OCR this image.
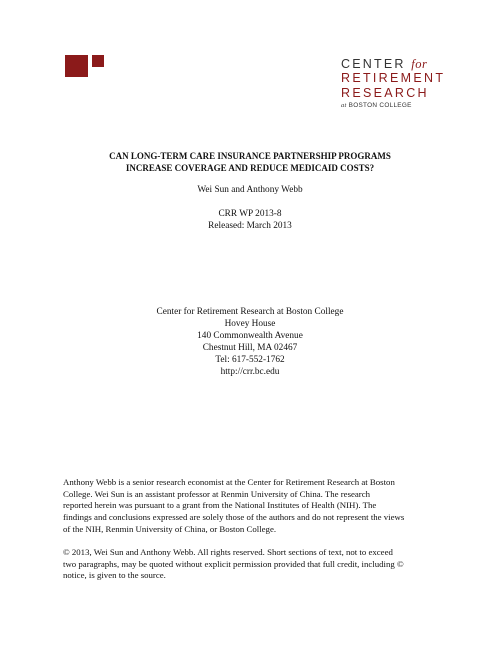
CENTER for
RETIREMENT
RESEARCH
at BOSTON COLLEGE
CAN LONG-TERM CARE INSURANCE PARTNERSHIP PROGRAMS
INCREASE COVERAGE AND REDUCE MEDICAID COSTS?
Wei Sun and Anthony Webb
CRR WP 2013-8
Released: March 2013
Center for Retirement Research at Boston College
Hovey House
140 Commonwealth Avenue
Chestnut Hill, MA 02467
Tel: 617-552-1762
http://crr.bc.edu
Anthony Webb is a senior research economist at the Center for Retirement Research at Boston
College. Wei Sun is an assistant professor at Renmin University of China. The research
reported herein was pursuant to a grant from the National Institutes of Health (NIH). The
findings and conclusions expressed are solely those of the authors and do not represent the views
of the NIH, Renmin University of China, or Boston College.
© 2013, Wei Sun and Anthony Webb. All rights reserved. Short sections of text, not to exceed
two paragraphs, may be quoted without explicit permission provided that full credit, including ©
notice, is given to the source.
